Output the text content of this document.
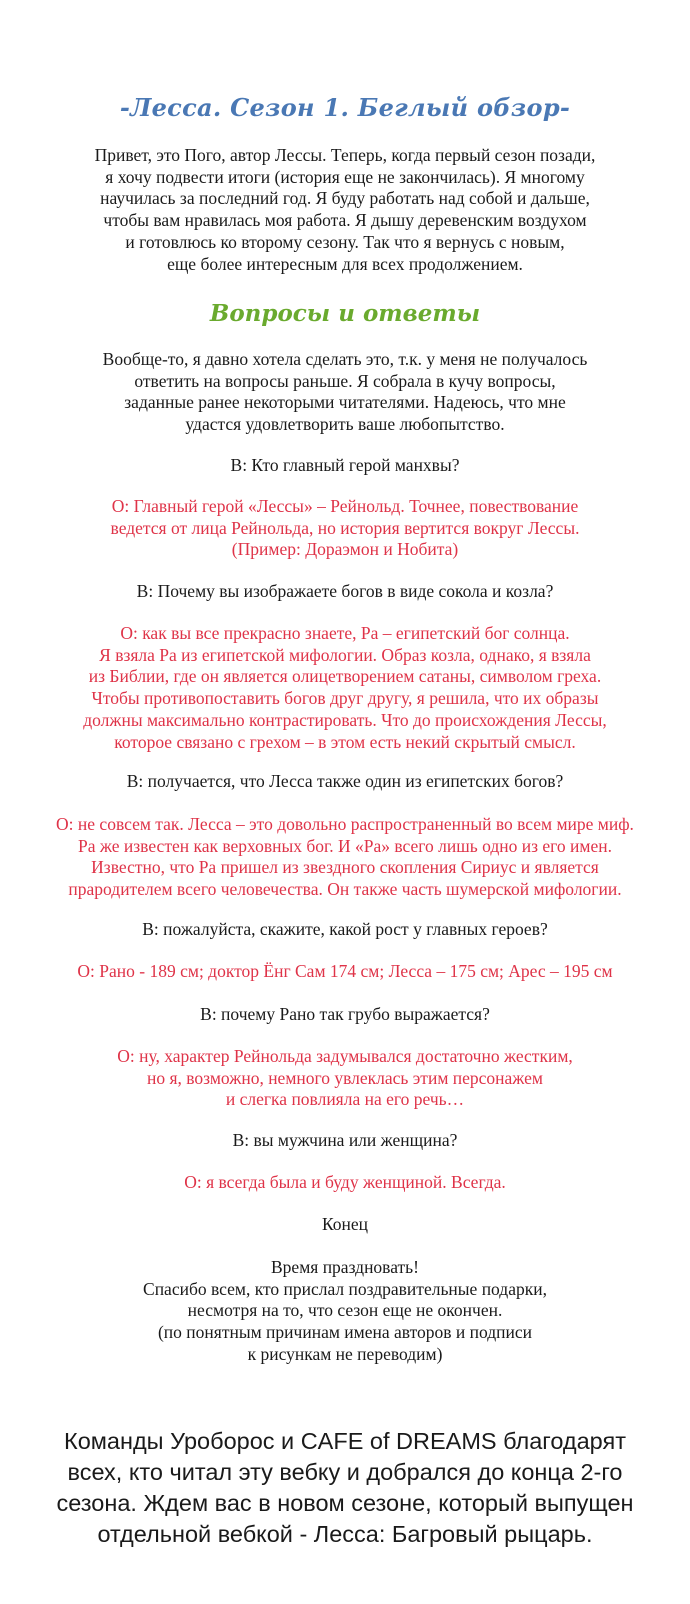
-Лесса. Сезон 1. Беглый обзор-
Привет, это Пого, автор Лессы. Теперь, когда первый сезон позади,
я хочу подвести итоги (история еще не закончилась). Я многому
научилась за последний год. Я буду работать над собой и дальше,
чтобы вам нравилась моя работа. Я дышу деревенским воздухом
и готовлюсь ко второму сезону. Так что я вернусь с новым,
еще более интересным для всех продолжением.
Вопросы и ответы
Вообще-то, я давно хотела сделать это, т.к. у меня не получалось
ответить на вопросы раньше. Я собрала в кучу вопросы,
заданные ранее некоторыми читателями. Надеюсь, что мне
удастся удовлетворить ваше любопытство.
В: Кто главный герой манхвы?
О: Главный герой «Лессы» – Рейнольд. Точнее, повествование
ведется от лица Рейнольда, но история вертится вокруг Лессы.
(Пример: Дораэмон и Нобита)
В: Почему вы изображаете богов в виде сокола и козла?
О: как вы все прекрасно знаете, Ра – египетский бог солнца.
Я взяла Ра из египетской мифологии. Образ козла, однако, я взяла
из Библии, где он является олицетворением сатаны, символом греха.
Чтобы противопоставить богов друг другу, я решила, что их образы
должны максимально контрастировать. Что до происхождения Лессы,
которое связано с грехом – в этом есть некий скрытый смысл.
В: получается, что Лесса также один из египетских богов?
О: не совсем так. Лесса – это довольно распространенный во всем мире миф.
Ра же известен как верховных бог. И «Ра» всего лишь одно из его имен.
Известно, что Ра пришел из звездного скопления Сириус и является
прародителем всего человечества. Он также часть шумерской мифологии.
В: пожалуйста, скажите, какой рост у главных героев?
О: Рано - 189 см; доктор Ёнг Сам 174 см; Лесса – 175 см; Арес – 195 см
В: почему Рано так грубо выражается?
О: ну, характер Рейнольда задумывался достаточно жестким,
но я, возможно, немного увлеклась этим персонажем
и слегка повлияла на его речь…
В: вы мужчина или женщина?
О: я всегда была и буду женщиной. Всегда.
Конец
Время праздновать!
Спасибо всем, кто прислал поздравительные подарки,
несмотря на то, что сезон еще не окончен.
(по понятным причинам имена авторов и подписи
к рисункам не переводим)
Команды Уроборос и CAFE of DREAMS благодарят
всех, кто читал эту вебку и добрался до конца 2-го
сезона. Ждем вас в новом сезоне, который выпущен
отдельной вебкой - Лесса: Багровый рыцарь.
